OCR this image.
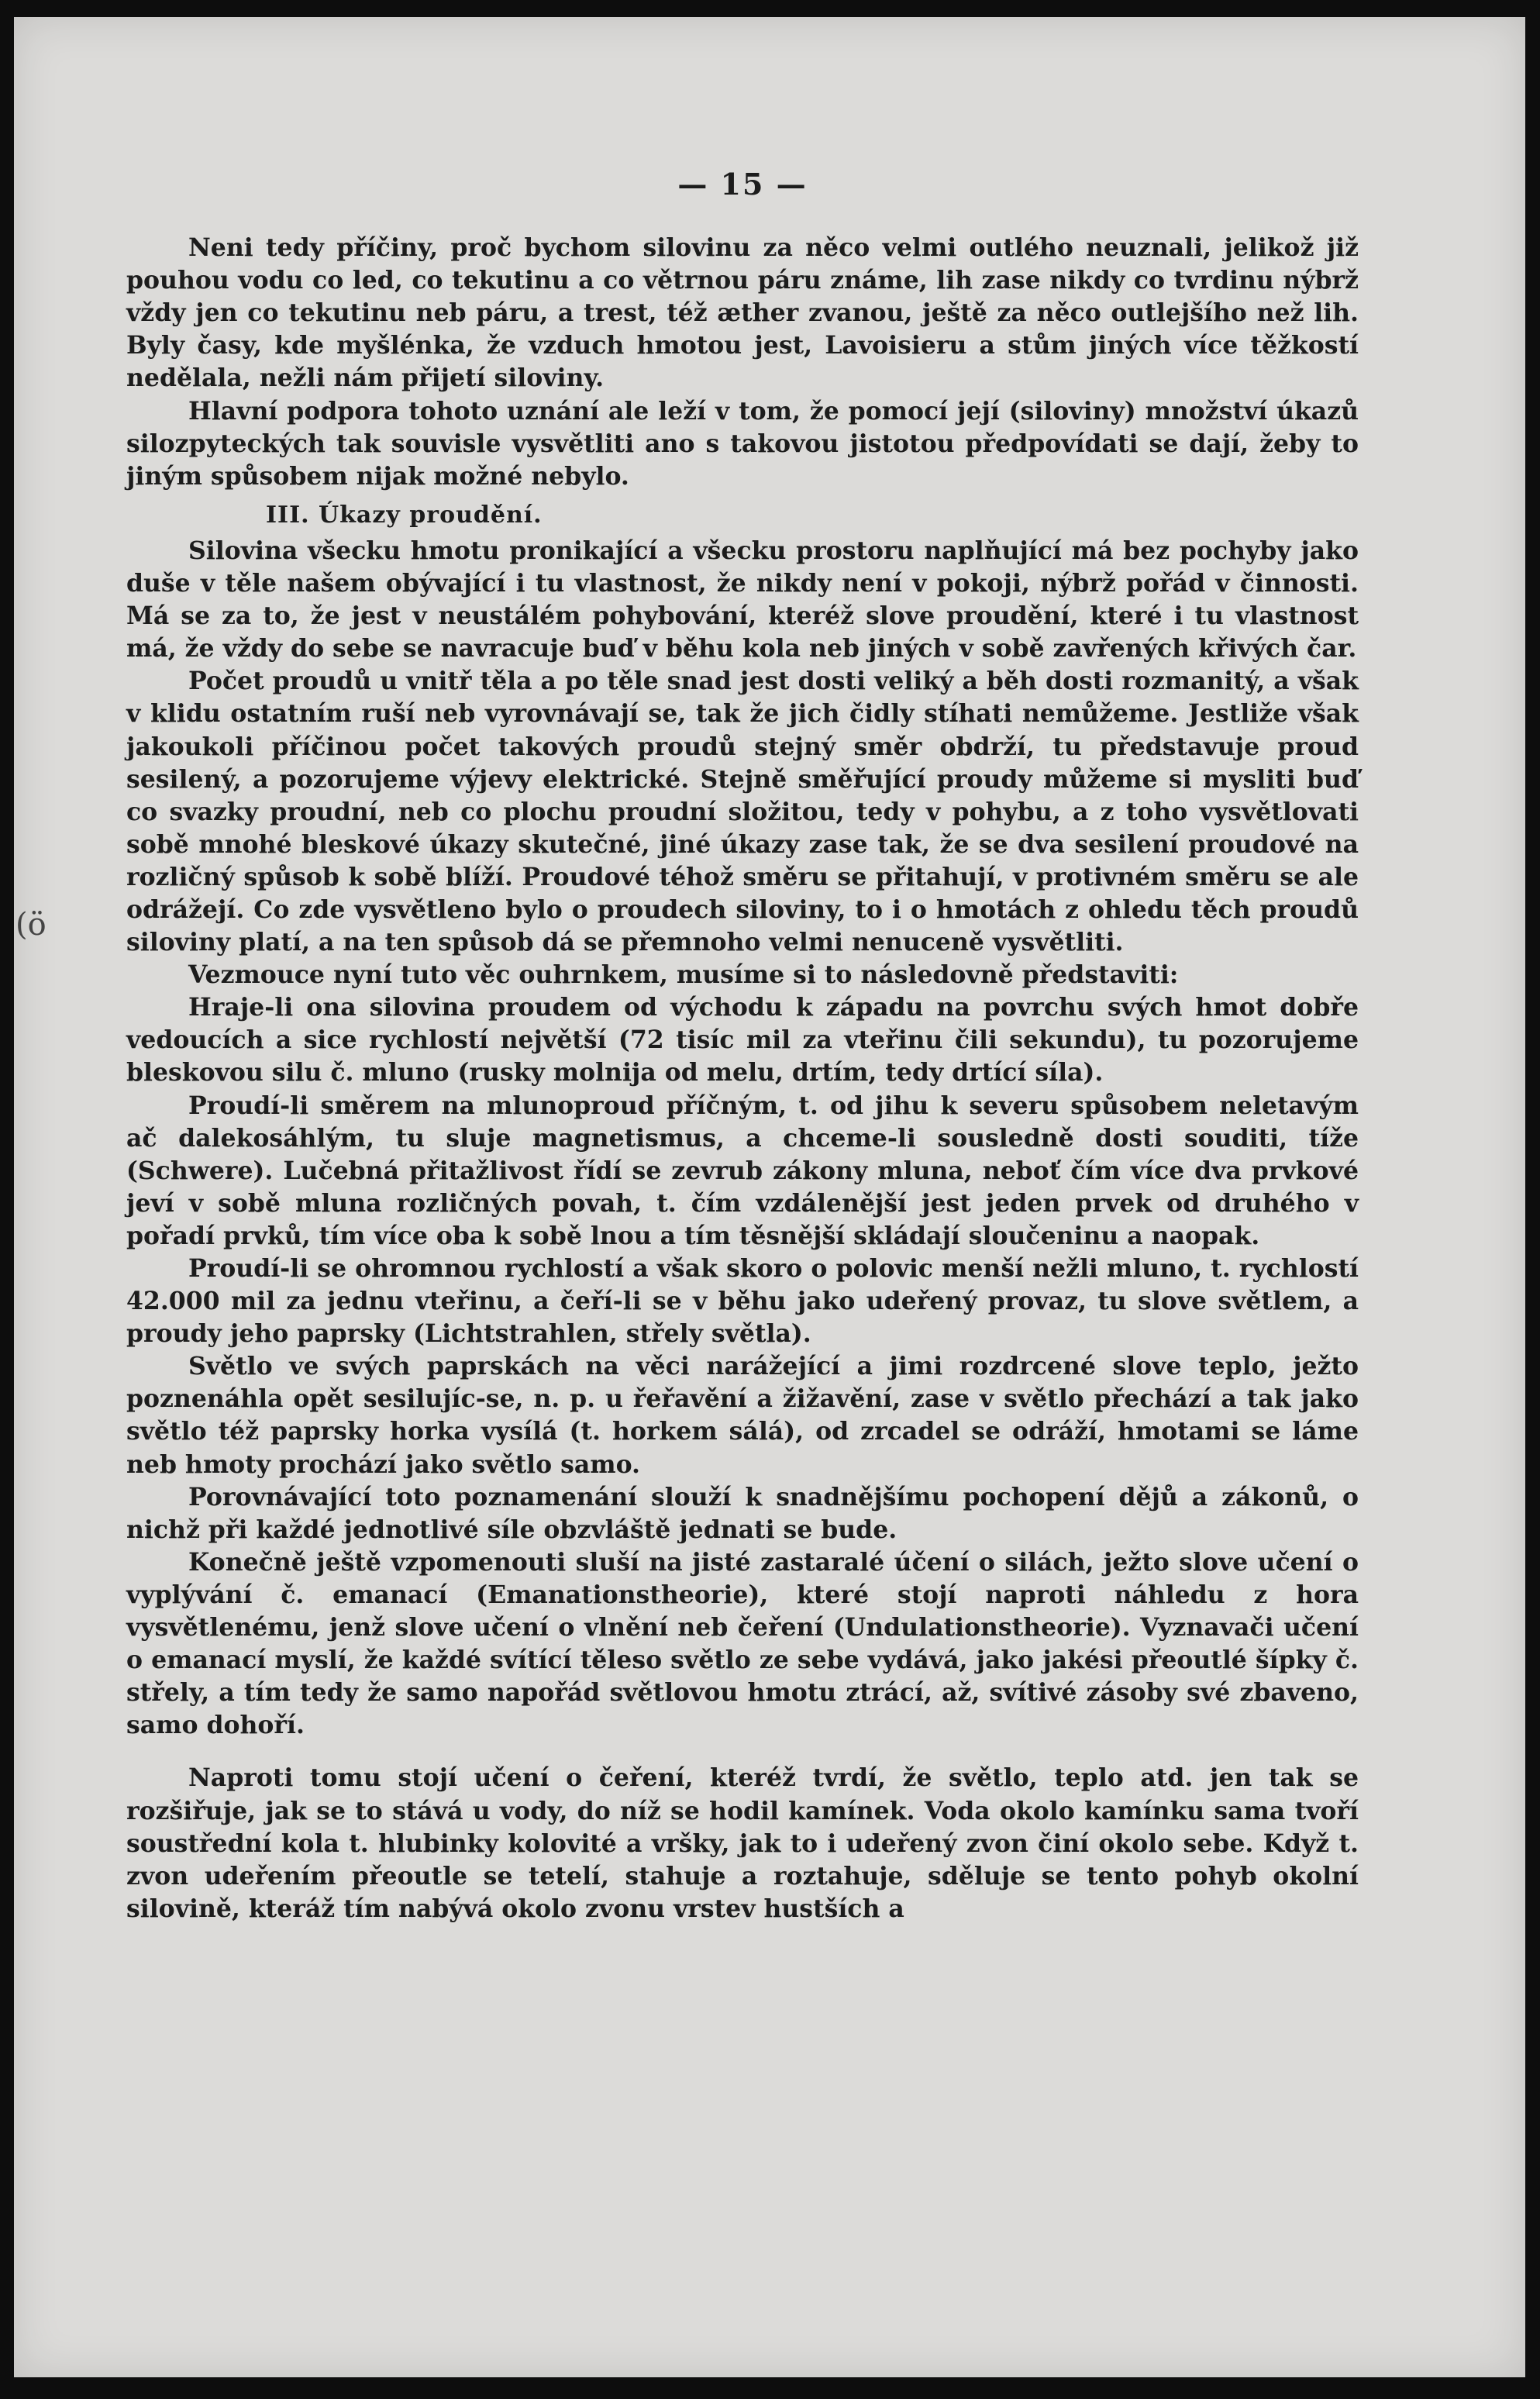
(ö
— 15 —

Neni tedy příčiny, proč bychom silovinu za něco velmi outlého neuznali, jelikož již pouhou vodu co led, co tekutinu a co větrnou páru známe, lih zase nikdy co tvrdinu nýbrž vždy jen co tekutinu neb páru, a trest, též æther zvanou, ještě za něco outlejšího než lih. Byly časy, kde myšlénka, že vzduch hmotou jest, Lavoisieru a stům jiných více těžkostí nedělala, nežli nám přijetí siloviny.

Hlavní podpora tohoto uznání ale leží v tom, že pomocí její (siloviny) množství úkazů silozpyteckých tak souvisle vysvětliti ano s takovou jistotou předpovídati se dají, žeby to jiným spůsobem nijak možné nebylo.

III. Úkazy proudění.

Silovina všecku hmotu pronikající a všecku prostoru naplňující má bez pochyby jako duše v těle našem obývající i tu vlastnost, že nikdy není v pokoji, nýbrž pořád v činnosti. Má se za to, že jest v neustálém pohybování, kteréž slove proudění, které i tu vlastnost má, že vždy do sebe se navracuje buď v běhu kola neb jiných v sobě zavřených křivých čar.

Počet proudů u vnitř těla a po těle snad jest dosti veliký a běh dosti rozmanitý, a však v klidu ostatním ruší neb vyrovnávají se, tak že jich čidly stíhati nemůžeme. Jestliže však jakoukoli příčinou počet takových proudů stejný směr obdrží, tu představuje proud sesilený, a pozorujeme výjevy elektrické. Stejně směřující proudy můžeme si mysliti buď co svazky proudní, neb co plochu proudní složitou, tedy v pohybu, a z toho vysvětlovati sobě mnohé bleskové úkazy skutečné, jiné úkazy zase tak, že se dva sesilení proudové na rozličný spůsob k sobě blíží. Proudové téhož směru se přitahují, v protivném směru se ale odrážejí. Co zde vysvětleno bylo o proudech siloviny, to i o hmotách z ohledu těch proudů siloviny platí, a na ten spůsob dá se přemnoho velmi nenuceně vysvětliti.

Vezmouce nyní tuto věc ouhrnkem, musíme si to následovně představiti:

Hraje-li ona silovina proudem od východu k západu na povrchu svých hmot dobře vedoucích a sice rychlostí největší (72 tisíc mil za vteřinu čili sekundu), tu pozorujeme bleskovou silu č. mluno (rusky molnija od melu, drtím, tedy drtící síla).

Proudí-li směrem na mlunoproud příčným, t. od jihu k severu spůsobem neletavým ač dalekosáhlým, tu sluje magnetismus, a chceme-li sousledně dosti souditi, tíže (Schwere). Lučebná přitažlivost řídí se zevrub zákony mluna, neboť čím více dva prvkové jeví v sobě mluna rozličných povah, t. čím vzdálenější jest jeden prvek od druhého v pořadí prvků, tím více oba k sobě lnou a tím těsnější skládají sloučeninu a naopak.

Proudí-li se ohromnou rychlostí a však skoro o polovic menší nežli mluno, t. rychlostí 42.000 mil za jednu vteřinu, a čeří-li se v běhu jako udeřený provaz, tu slove světlem, a proudy jeho paprsky (Lichtstrahlen, střely světla).

Světlo ve svých paprskách na věci narážející a jimi rozdrcené slove teplo, ježto poznenáhla opět sesilujíc-se, n. p. u řeřavění a žižavění, zase v světlo přechází a tak jako světlo též paprsky horka vysílá (t. horkem sálá), od zrcadel se odráží, hmotami se láme neb hmoty prochází jako světlo samo.

Porovnávající toto poznamenání slouží k snadnějšímu pochopení dějů a zákonů, o nichž při každé jednotlivé síle obzvláště jednati se bude.

Konečně ještě vzpomenouti sluší na jisté zastaralé účení o silách, ježto slove učení o vyplývání č. emanací (Emanationstheorie), které stojí naproti náhledu z hora vysvětlenému, jenž slove učení o vlnění neb čeření (Undulationstheorie). Vyznavači učení o emanací myslí, že každé svítící těleso světlo ze sebe vydává, jako jakési přeoutlé šípky č. střely, a tím tedy že samo napořád světlovou hmotu ztrácí, až, svítivé zásoby své zbaveno, samo dohoří.

Naproti tomu stojí učení o čeření, kteréž tvrdí, že světlo, teplo atd. jen tak se rozšiřuje, jak se to stává u vody, do níž se hodil kamínek. Voda okolo kamínku sama tvoří soustřední kola t. hlubinky kolovité a vršky, jak to i udeřený zvon činí okolo sebe. Když t. zvon udeřením přeoutle se tetelí, stahuje a roztahuje, sděluje se tento pohyb okolní silovině, kteráž tím nabývá okolo zvonu vrstev hustších a
